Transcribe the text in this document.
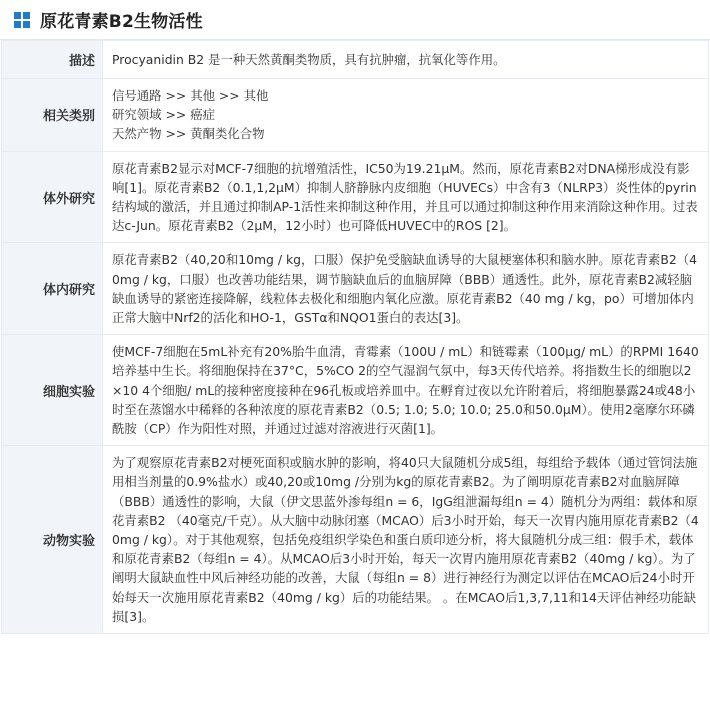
原花青素B2生物活性
描述	Procyanidin B2 是一种天然黄酮类物质，具有抗肿瘤，抗氧化等作用。
相关类别	信号通路 >> 其他 >> 其他
研究领域 >> 癌症
天然产物 >> 黄酮类化合物

体外研究	原花青素B2显示对MCF-7细胞的抗增殖活性，IC50为19.21μM。然而，原花青素B2对DNA梯形成没有影响[1]。原花青素B2（0.1,1,2μM）抑制人脐静脉内皮细胞（HUVECs）中含有3（NLRP3）炎性体的pyrin结构域的激活，并且通过抑制AP-1活性来抑制这种作用，并且可以通过抑制这种作用来消除这种作用。过表达c-Jun。原花青素B2（2μM，12小时）也可降低HUVEC中的ROS [2]。
体内研究	原花青素B2（40,20和10mg / kg，口服）保护免受脑缺血诱导的大鼠梗塞体积和脑水肿。原花青素B2（40mg / kg，口服）也改善功能结果，调节脑缺血后的血脑屏障（BBB）通透性。此外，原花青素B2减轻脑缺血诱导的紧密连接降解，线粒体去极化和细胞内氧化应激。原花青素B2（40 mg / kg，po）可增加体内正常大脑中Nrf2的活化和HO-1，GSTα和NQO1蛋白的表达[3]。
细胞实验	使MCF-7细胞在5mL补充有20%胎牛血清，青霉素（100U / mL）和链霉素（100μg/ mL）的RPMI 1640培养基中生长。将细胞保持在37°C，5%CO 2的空气湿润气氛中，每3天传代培养。将指数生长的细胞以2×10 4个细胞/ mL的接种密度接种在96孔板或培养皿中。在孵育过夜以允许附着后，将细胞暴露24或48小时至在蒸馏水中稀释的各种浓度的原花青素B2（0.5; 1.0; 5.0; 10.0; 25.0和50.0μM）。使用2毫摩尔环磷酰胺（CP）作为阳性对照，并通过过滤对溶液进行灭菌[1]。
动物实验	为了观察原花青素B2对梗死面积或脑水肿的影响，将40只大鼠随机分成5组，每组给予载体（通过管饲法施用相当剂量的0.9%盐水）或40,20或10mg /分别为kg的原花青素B2。为了阐明原花青素B2对血脑屏障（BBB）通透性的影响，大鼠（伊文思蓝外渗每组n = 6，IgG组泄漏每组n = 4）随机分为两组：载体和原花青素B2 （40毫克/千克）。从大脑中动脉闭塞（MCAO）后3小时开始，每天一次胃内施用原花青素B2（40mg / kg）。对于其他观察，包括免疫组织学染色和蛋白质印迹分析，将大鼠随机分成三组：假手术，载体和原花青素B2（每组n = 4）。从MCAO后3小时开始，每天一次胃内施用原花青素B2（40mg / kg）。为了阐明大鼠缺血性中风后神经功能的改善，大鼠（每组n = 8）进行神经行为测定以评估在MCAO后24小时开始每天一次施用原花青素B2（40mg / kg）后的功能结果。 。在MCAO后1,3,7,11和14天评估神经功能缺损[3]。
